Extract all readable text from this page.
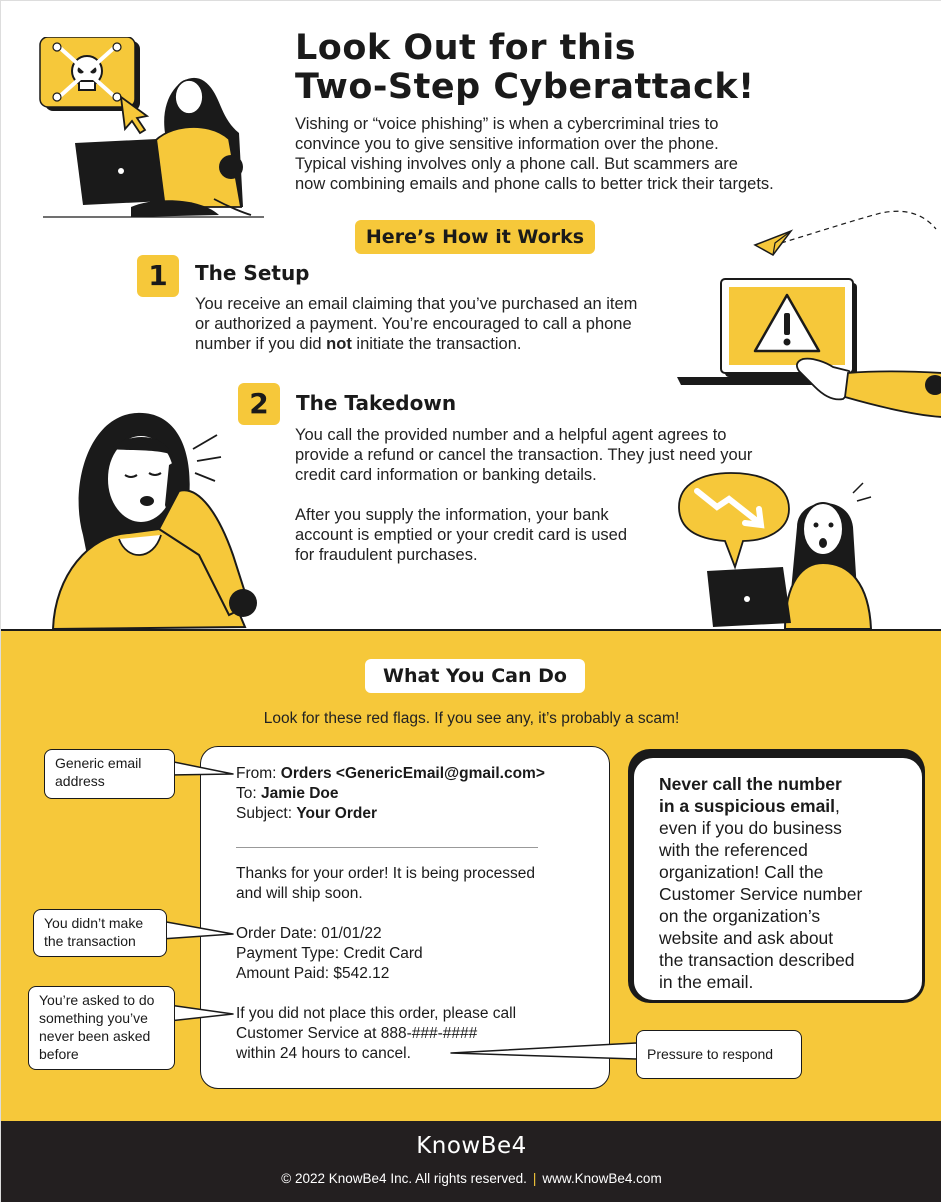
Look Out for this
Two-Step Cyberattack!
Vishing or “voice phishing” is when a cybercriminal tries to
convince you to give sensitive information over the phone.
Typical vishing involves only a phone call. But scammers are
now combining emails and phone calls to better trick their targets.
Here’s How it Works
1	The Setup
You receive an email claiming that you’ve purchased an item
or authorized a payment. You’re encouraged to call a phone
number if you did not initiate the transaction.
2	The Takedown
You call the provided number and a helpful agent agrees to
provide a refund or cancel the transaction. They just need your
credit card information or banking details.
After you supply the information, your bank
account is emptied or your credit card is used
for fraudulent purchases.
What You Can Do
Look for these red flags. If you see any, it’s probably a scam!
From: Orders <GenericEmail@gmail.com>
To: Jamie Doe
Subject: Your Order
Thanks for your order! It is being processed
and will ship soon.
Order Date: 01/01/22
Payment Type: Credit Card
Amount Paid: $542.12
If you did not place this order, please call
Customer Service at 888-###-####
within 24 hours to cancel.
Generic email
address
You didn’t make
the transaction
You’re asked to do
something you’ve
never been asked
before	Pressure to respond
Never call the number
in a suspicious email,
even if you do business
with the referenced
organization! Call the
Customer Service number
on the organization’s
website and ask about
the transaction described
in the email.
KnowBe4
© 2022 KnowBe4 Inc. All rights reserved. | www.KnowBe4.com
